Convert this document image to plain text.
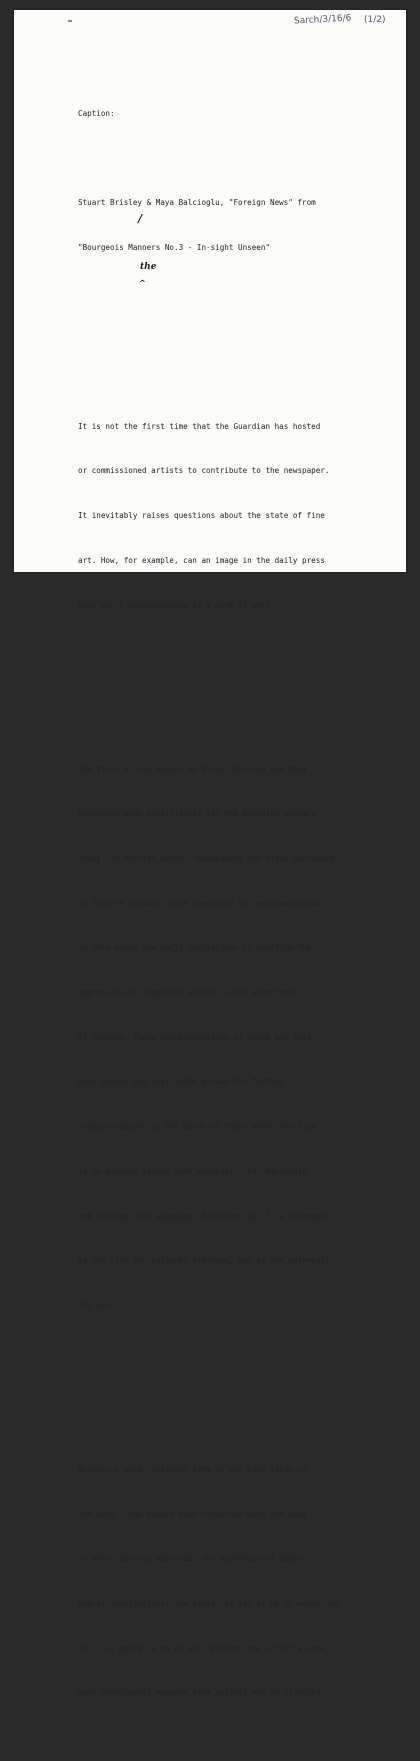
Sarch/3/16/6 (1/2)

Caption:

Stuart Brisley & Maya Balcioglu, "Foreign News" from

"Bourgeois Manners No.3 - In-sight Unseen"

It is not the first time that the Guardian has hosted

or commissioned artists to contribute to the newspaper.

It inevitably raises questions about the state of fine

art. How, for example, can an image in the daily press

even merit consideration as a work of art?

The first of two pieces by Stuart Brisley and Maya

Balcioglu made specifically for the Guardian appears

today. In artists words: "Newspapers are often perceived

as filters through which the world is represented and

in this sense are daily invitations to reaffirm the

impression of stability gained in the experience

of reading. These representations of image and text

have become the legitimate arenas for further

interpretations in the hands of those whose function

is to animate images with meanings." For Balcioglu

and Brisley "the newspaper functions as it is intended,

as the site for cultural dialogue, and as the materials

for work.

Brisley's work- whatever form it may have taken in

the past - has always been concerned with the ways

in which society operates: the mechanics of power,

public institutions, the state. As far as he is concerned,

if it is going to be at all relevant the artist's work

must consciously emanate from society and be directed

the
^
/
